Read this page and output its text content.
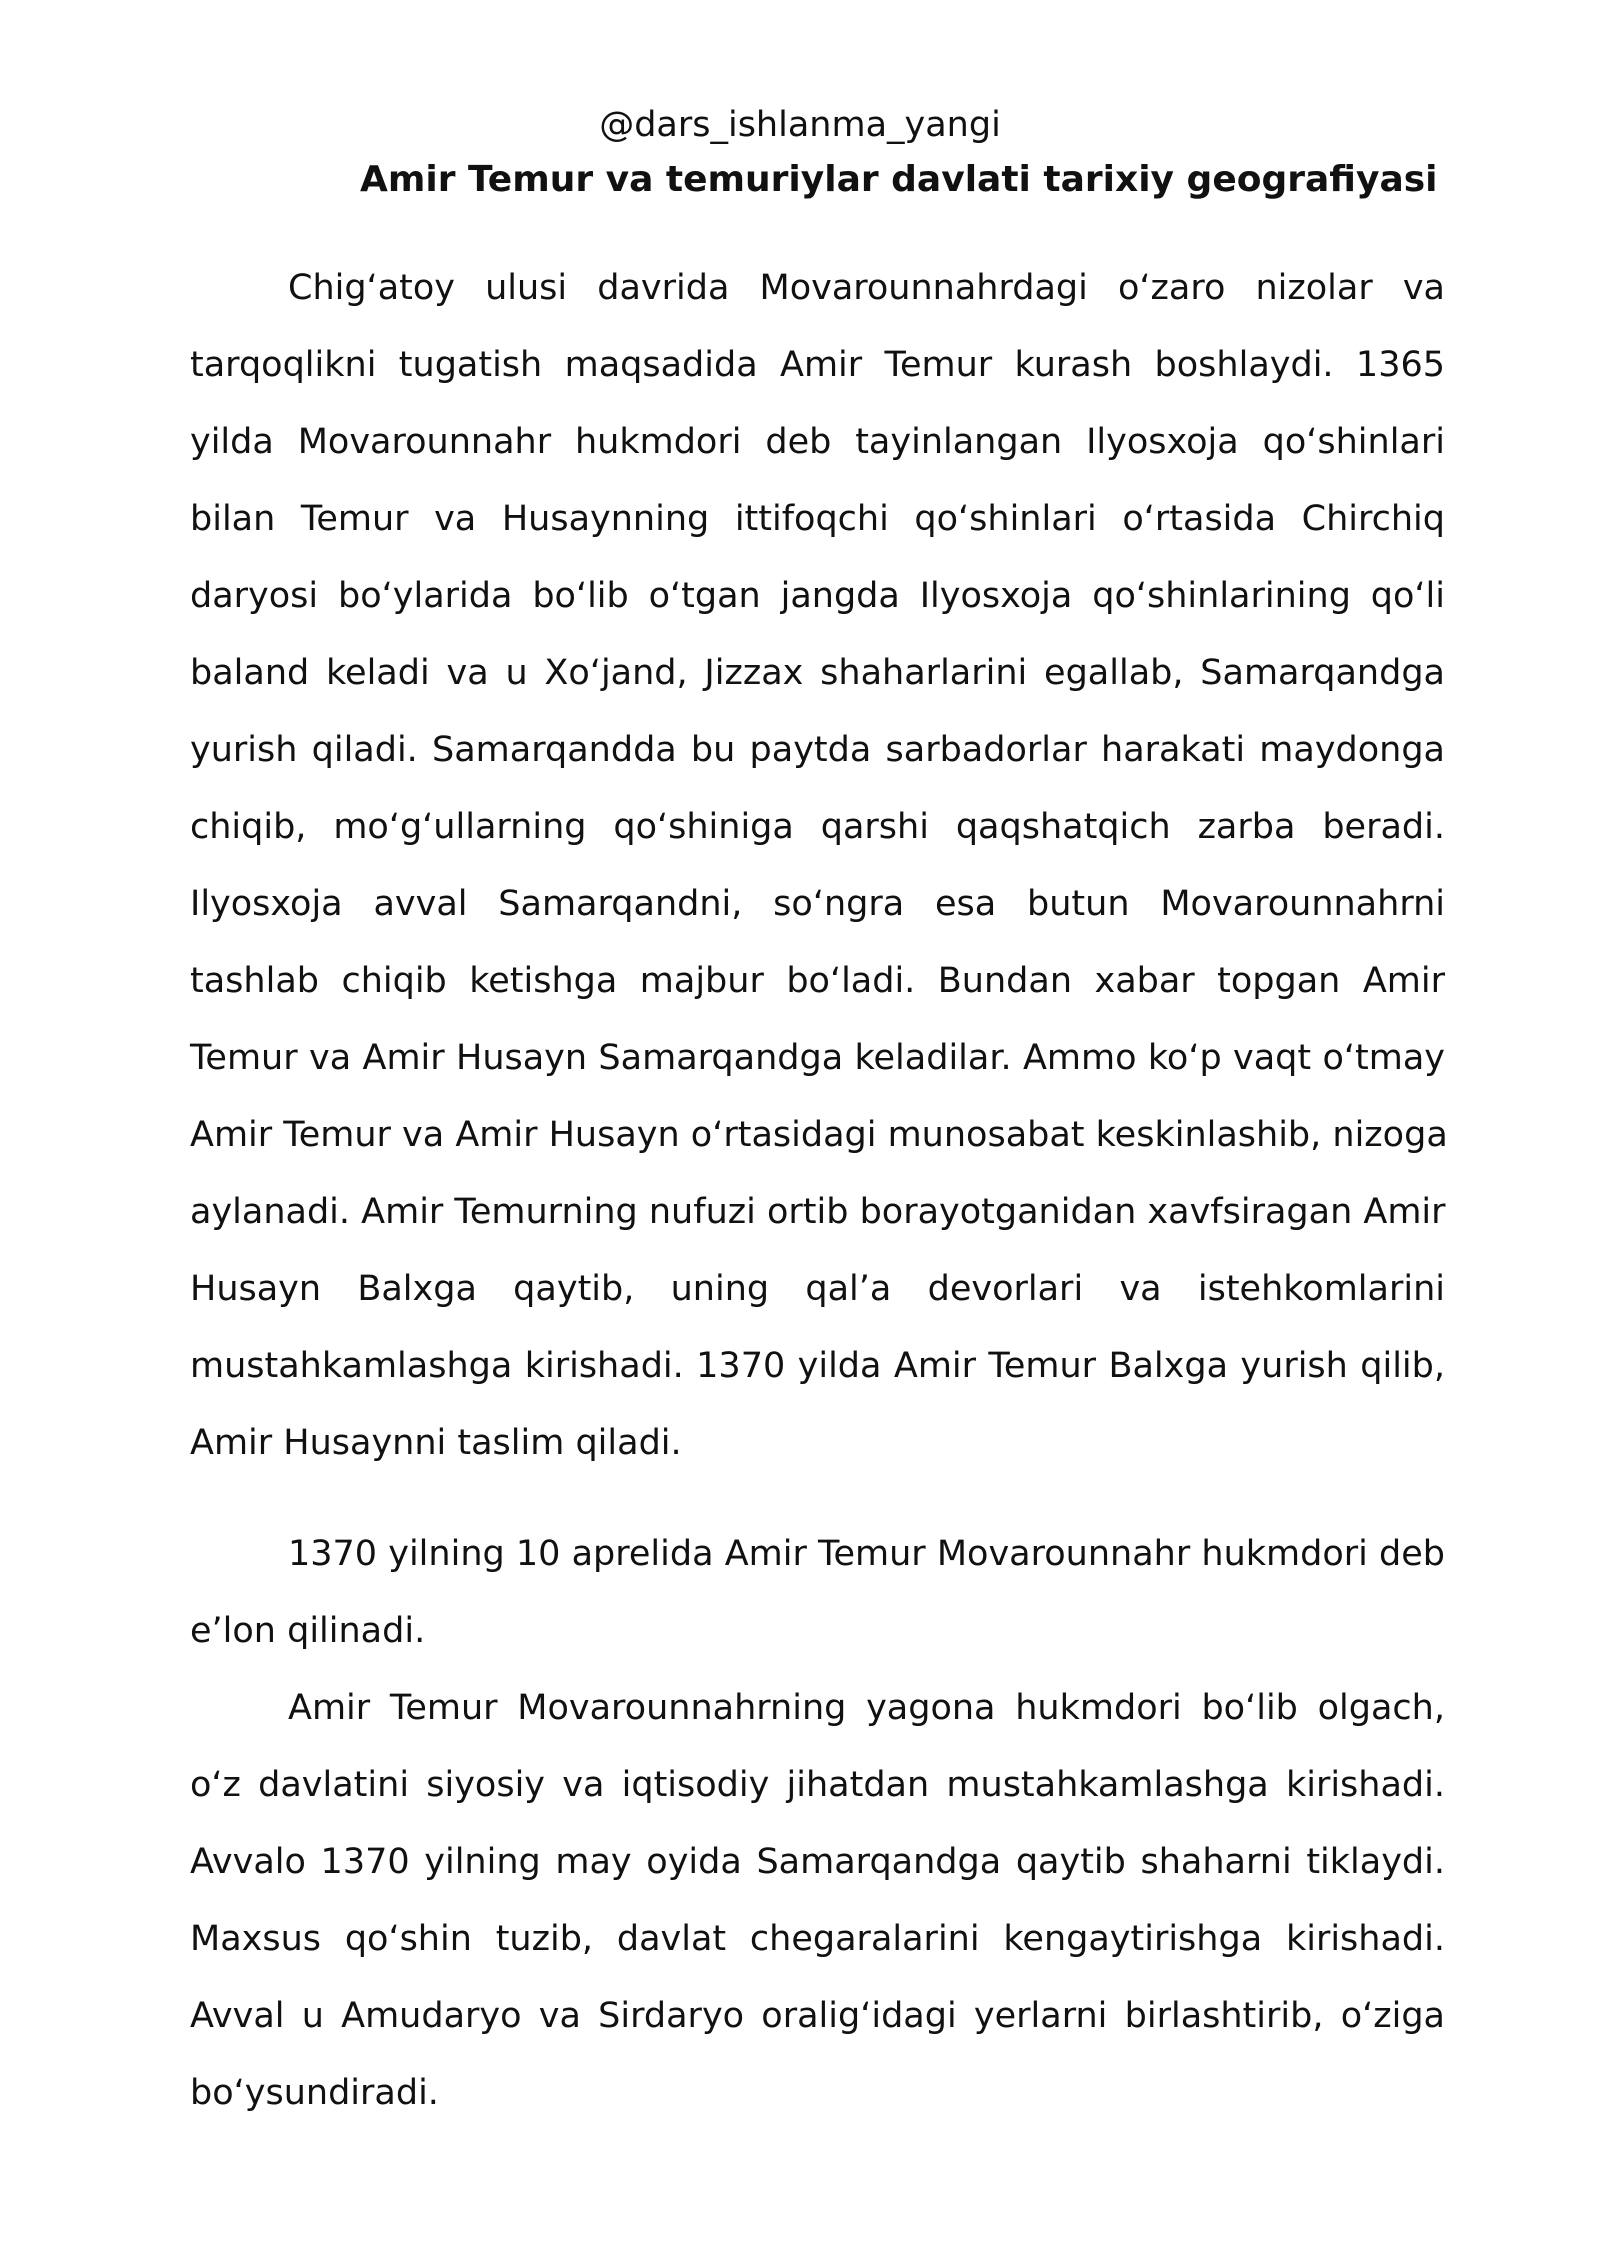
@dars_ishlanma_yangi

Amir Temur va temuriylar davlati tarixiy geografiyasi
Chig‘atoy ulusi davrida Movarounnahrdagi o‘zaro nizolar va
tarqoqlikni tugatish maqsadida Amir Temur kurash boshlaydi. 1365
yilda Movarounnahr hukmdori deb tayinlangan Ilyosxoja qo‘shinlari
bilan Temur va Husaynning ittifoqchi qo‘shinlari o‘rtasida Chirchiq
daryosi bo‘ylarida bo‘lib o‘tgan jangda Ilyosxoja qo‘shinlarining qo‘li
baland keladi va u Xo‘jand, Jizzax shaharlarini egallab, Samarqandga
yurish qiladi. Samarqandda bu paytda sarbadorlar harakati maydonga
chiqib, mo‘g‘ullarning qo‘shiniga qarshi qaqshatqich zarba beradi.
Ilyosxoja avval Samarqandni, so‘ngra esa butun Movarounnahrni
tashlab chiqib ketishga majbur bo‘ladi. Bundan xabar topgan Amir
Temur va Amir Husayn Samarqandga keladilar. Ammo ko‘p vaqt o‘tmay
Amir Temur va Amir Husayn o‘rtasidagi munosabat keskinlashib, nizoga
aylanadi. Amir Temurning nufuzi ortib borayotganidan xavfsiragan Amir
Husayn Balxga qaytib, uning qal’a devorlari va istehkomlarini
mustahkamlashga kirishadi. 1370 yilda Amir Temur Balxga yurish qilib,
Amir Husaynni taslim qiladi.
1370 yilning 10 aprelida Amir Temur Movarounnahr hukmdori deb
e’lon qilinadi.
Amir Temur Movarounnahrning yagona hukmdori bo‘lib olgach,
o‘z davlatini siyosiy va iqtisodiy jihatdan mustahkamlashga kirishadi.
Avvalo 1370 yilning may oyida Samarqandga qaytib shaharni tiklaydi.
Maxsus qo‘shin tuzib, davlat chegaralarini kengaytirishga kirishadi.
Avval u Amudaryo va Sirdaryo oralig‘idagi yerlarni birlashtirib, o‘ziga
bo‘ysundiradi.
